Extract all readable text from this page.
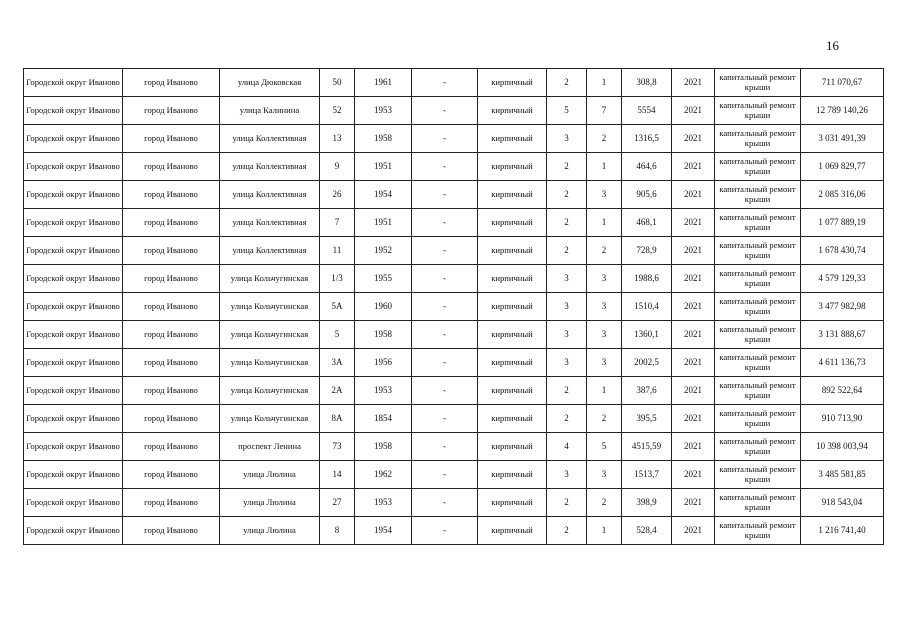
16
Городской округ Иваново	город Иваново	улица Дюковская	50	1961	-	кирпичный	2	1	308,8	2021	капитальный ремонт крыши	711 070,67
Городской округ Иваново	город Иваново	улица Калинина	52	1953	-	кирпичный	5	7	5554	2021	капитальный ремонт крыши	12 789 140,26
Городской округ Иваново	город Иваново	улица Коллективная	13	1958	-	кирпичный	3	2	1316,5	2021	капитальный ремонт крыши	3 031 491,39
Городской округ Иваново	город Иваново	улица Коллективная	9	1951	-	кирпичный	2	1	464,6	2021	капитальный ремонт крыши	1 069 829,77
Городской округ Иваново	город Иваново	улица Коллективная	26	1954	-	кирпичный	2	3	905,6	2021	капитальный ремонт крыши	2 085 316,06
Городской округ Иваново	город Иваново	улица Коллективная	7	1951	-	кирпичный	2	1	468,1	2021	капитальный ремонт крыши	1 077 889,19
Городской округ Иваново	город Иваново	улица Коллективная	11	1952	-	кирпичный	2	2	728,9	2021	капитальный ремонт крыши	1 678 430,74
Городской округ Иваново	город Иваново	улица Кольчугинская	1/3	1955	-	кирпичный	3	3	1988,6	2021	капитальный ремонт крыши	4 579 129,33
Городской округ Иваново	город Иваново	улица Кольчугинская	5А	1960	-	кирпичный	3	3	1510,4	2021	капитальный ремонт крыши	3 477 982,98
Городской округ Иваново	город Иваново	улица Кольчугинская	5	1958	-	кирпичный	3	3	1360,1	2021	капитальный ремонт крыши	3 131 888,67
Городской округ Иваново	город Иваново	улица Кольчугинская	3А	1956	-	кирпичный	3	3	2002,5	2021	капитальный ремонт крыши	4 611 136,73
Городской округ Иваново	город Иваново	улица Кольчугинская	2А	1953	-	кирпичный	2	1	387,6	2021	капитальный ремонт крыши	892 522,64
Городской округ Иваново	город Иваново	улица Кольчугинская	8А	1854	-	кирпичный	2	2	395,5	2021	капитальный ремонт крыши	910 713,90
Городской округ Иваново	город Иваново	проспект Ленина	73	1958	-	кирпичный	4	5	4515,59	2021	капитальный ремонт крыши	10 398 003,94
Городской округ Иваново	город Иваново	улица Люлина	14	1962	-	кирпичный	3	3	1513,7	2021	капитальный ремонт крыши	3 485 581,85
Городской округ Иваново	город Иваново	улица Люлина	27	1953	-	кирпичный	2	2	398,9	2021	капитальный ремонт крыши	918 543,04
Городской округ Иваново	город Иваново	улица Люлина	8	1954	-	кирпичный	2	1	528,4	2021	капитальный ремонт крыши	1 216 741,40
